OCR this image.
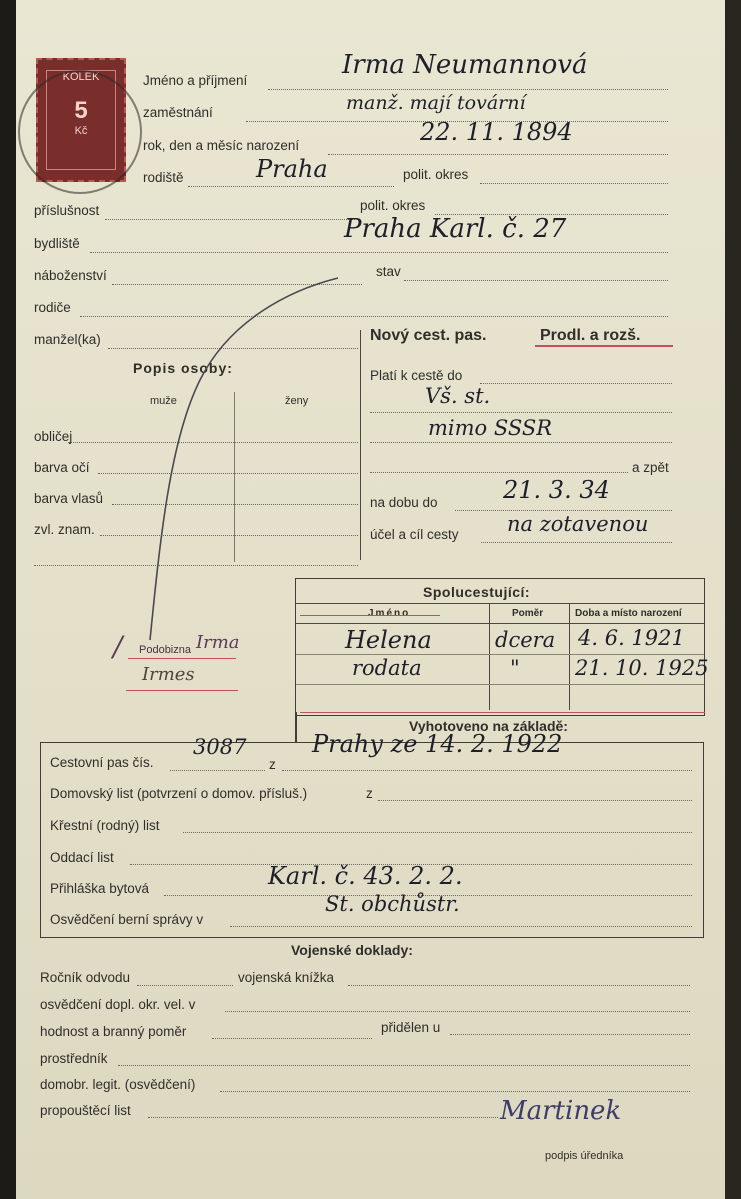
KOLEK
5
Kč
Jméno a příjmení
Irma Neumannová
zaměstnání	manž. mají tovární
rok, den a měsíc narození	22. 11. 1894
rodiště	Praha	polit. okres
příslušnost	polit. okres
bydliště	Praha Karl. č. 27
náboženství	stav
rodiče
manžel(ka)
Popis osoby:
muže	ženy
obličej
barva očí
barva vlasů
zvl. znam.
Nový cest. pas.	Prodl. a rozš.
Platí k cestě do
Vš. st.
mimo SSSR
a zpět
na dobu do	21. 3. 34
účel a cíl cesty na zotavenou
Spolucestující:
Jméno	Poměr	Doba a místo narození
Helena	dcera 4. 6. 1921
rodata	"	21. 10. 1925
Podobizna Irma
Irmes
/
Vyhotoveno na základě:
Cestovní pas čís.
3087
z
Prahy ze 14. 2. 1922
Domovský list (potvrzení o domov. přísluš.)	z
Křestní (rodný) list
Oddací list
Přihláška bytová	Karl. č. 43. 2. 2.
Osvědčení berní správy v
St. obchůstr.
Vojenské doklady:
Ročník odvodu	vojenská knížka
osvědčení dopl. okr. vel. v
hodnost a branný poměr	přidělen u
prostředník
domobr. legit. (osvědčení)
propouštěcí list	Martinek
podpis úředníka
